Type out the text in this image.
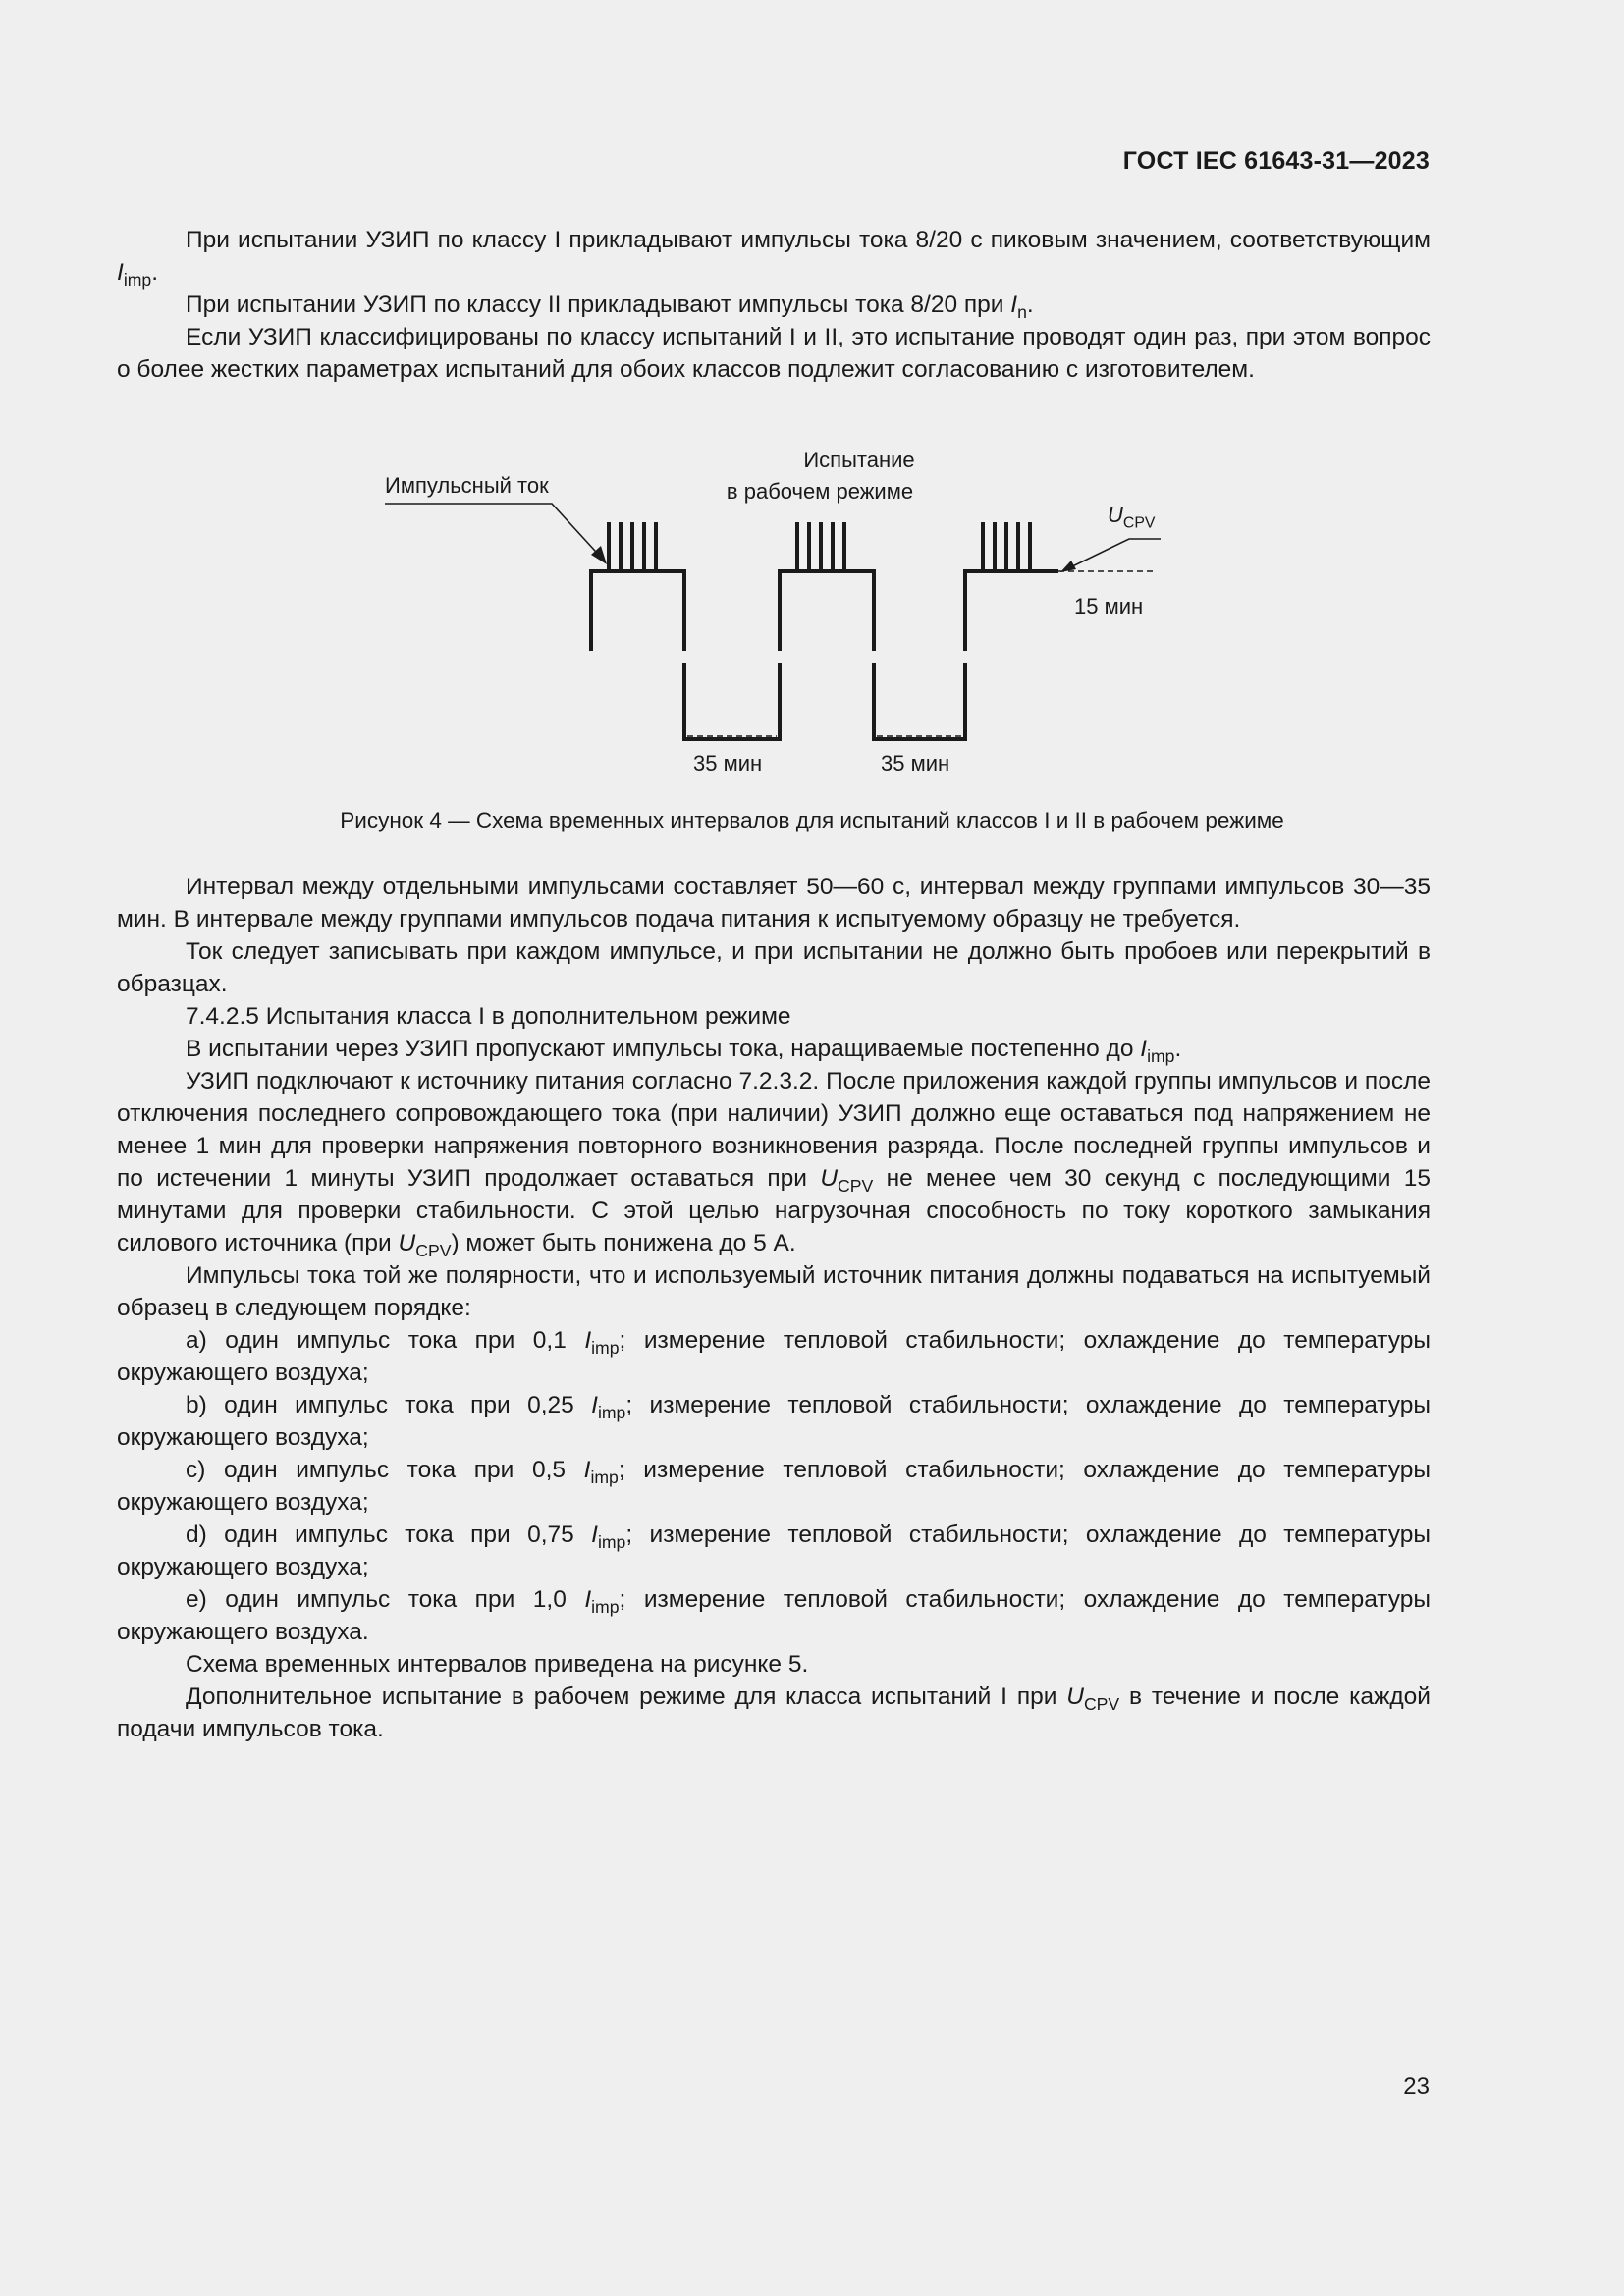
ГОСТ IEC 61643-31—2023

При испытании УЗИП по классу I прикладывают импульсы тока 8/20 с пиковым значением, соответствующим $I_{imp}$.

При испытании УЗИП по классу II прикладывают импульсы тока 8/20 при $I_n$.

Если УЗИП классифицированы по классу испытаний I и II, это испытание проводят один раз, при этом вопрос о более жестких параметрах испытаний для обоих классов подлежит согласованию с изготовителем.

Импульсный ток
Испытание
в рабочем режиме
$U_{CPV}$
15 мин
35 мин	35 мин
Рисунок 4 — Схема временных интервалов для испытаний классов I и II в рабочем режиме

Интервал между отдельными импульсами составляет 50—60 с, интервал между группами импульсов 30—35 мин. В интервале между группами импульсов подача питания к испытуемому образцу не требуется.

Ток следует записывать при каждом импульсе, и при испытании не должно быть пробоев или перекрытий в образцах.

7.4.2.5 Испытания класса I в дополнительном режиме

В испытании через УЗИП пропускают импульсы тока, наращиваемые постепенно до $I_{imp}$.

УЗИП подключают к источнику питания согласно 7.2.3.2. После приложения каждой группы импульсов и после отключения последнего сопровождающего тока (при наличии) УЗИП должно еще оставаться под напряжением не менее 1 мин для проверки напряжения повторного возникновения разряда. После последней группы импульсов и по истечении 1 минуты УЗИП продолжает оставаться при $U_{CPV}$ не менее чем 30 секунд с последующими 15 минутами для проверки стабильности. С этой целью нагрузочная способность по току короткого замыкания силового источника (при $U_{CPV}$) может быть понижена до 5 А.

Импульсы тока той же полярности, что и используемый источник питания должны подаваться на испытуемый образец в следующем порядке:

a) один импульс тока при 0,1 $I_{imp}$; измерение тепловой стабильности; охлаждение до температуры окружающего воздуха;

b) один импульс тока при 0,25 $I_{imp}$; измерение тепловой стабильности; охлаждение до температуры окружающего воздуха;

c) один импульс тока при 0,5 $I_{imp}$; измерение тепловой стабильности; охлаждение до температуры окружающего воздуха;

d) один импульс тока при 0,75 $I_{imp}$; измерение тепловой стабильности; охлаждение до температуры окружающего воздуха;

e) один импульс тока при 1,0 $I_{imp}$; измерение тепловой стабильности; охлаждение до температуры окружающего воздуха.

Схема временных интервалов приведена на рисунке 5.

Дополнительное испытание в рабочем режиме для класса испытаний I при $U_{CPV}$ в течение и после каждой подачи импульсов тока.

23
